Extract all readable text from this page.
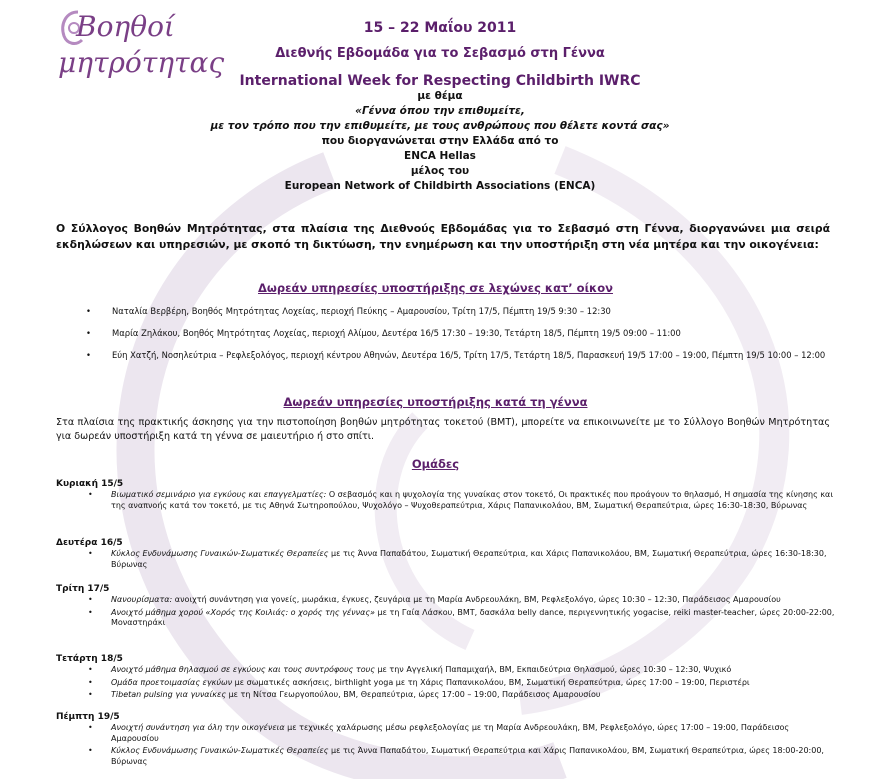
Βοηθοί
μητρότητας
15 – 22 Μαΐου 2011
Διεθνής Εβδομάδα για το Σεβασμό στη Γέννα
International Week for Respecting Childbirth IWRC
με θέμα
«Γέννα όπου την επιθυμείτε,
με τον τρόπο που την επιθυμείτε, με τους ανθρώπους που θέλετε κοντά σας»
που διοργανώνεται στην Ελλάδα από το
ENCA Hellas
μέλος του
European Network of Childbirth Associations (ENCA)
Ο Σύλλογος Βοηθών Μητρότητας, στα πλαίσια της Διεθνούς Εβδομάδας για το Σεβασμό στη Γέννα, διοργανώνει μια σειρά εκδηλώσεων και υπηρεσιών, με σκοπό τη δικτύωση, την ενημέρωση και την υποστήριξη στη νέα μητέρα και την οικογένεια:
Δωρεάν υπηρεσίες υποστήριξης σε λεχώνες κατ’ οίκον
•	Ναταλία Βερβέρη, Βοηθός Μητρότητας Λοχείας, περιοχή Πεύκης – Αμαρουσίου, Τρίτη 17/5, Πέμπτη 19/5 9:30 – 12:30
•	Μαρία Ζηλάκου, Βοηθός Μητρότητας Λοχείας, περιοχή Αλίμου, Δευτέρα 16/5 17:30 – 19:30, Τετάρτη 18/5, Πέμπτη 19/5 09:00 – 11:00
•	Εύη Χατζή, Νοσηλεύτρια – Ρεφλεξολόγος, περιοχή κέντρου Αθηνών, Δευτέρα 16/5, Τρίτη 17/5, Τετάρτη 18/5, Παρασκευή 19/5 17:00 – 19:00, Πέμπτη 19/5 10:00 – 12:00
Δωρεάν υπηρεσίες υποστήριξης κατά τη γέννα
Στα πλαίσια της πρακτικής άσκησης για την πιστοποίηση βοηθών μητρότητας τοκετού (ΒΜΤ), μπορείτε να επικοινωνείτε με το Σύλλογο Βοηθών Μητρότητας για δωρεάν υποστήριξη κατά τη γέννα σε μαιευτήριο ή στο σπίτι.
Ομάδες
Κυριακή 15/5
• Βιωματικό σεμινάριο για εγκύους και επαγγελματίες: Ο σεβασμός και η ψυχολογία της γυναίκας στον τοκετό, Οι πρακτικές που προάγουν το θηλασμό, Η σημασία της κίνησης και της αναπνοής κατά τον τοκετό, με τις Αθηνά Σωτηροπούλου, Ψυχολόγο – Ψυχοθεραπεύτρια, Χάρις Παπανικολάου, ΒΜ, Σωματική Θεραπεύτρια, ώρες 16:30-18:30, Βύρωνας
Δευτέρα 16/5
• Κύκλος Ενδυνάμωσης Γυναικών-Σωματικές Θεραπείες με τις Άννα Παπαδάτου, Σωματική Θεραπεύτρια, και Χάρις Παπανικολάου, ΒΜ, Σωματική Θεραπεύτρια, ώρες 16:30-18:30, Βύρωνας
Τρίτη 17/5
• Νανουρίσματα: ανοιχτή συνάντηση για γονείς, μωράκια, έγκυες, ζευγάρια με τη Μαρία Ανδρεουλάκη, ΒΜ, Ρεφλεξολόγο, ώρες 10:30 – 12:30, Παράδεισος Αμαρουσίου
• Ανοιχτό μάθημα χορού «Χορός της Κοιλιάς: ο χορός της γέννας» με τη Γαία Λάσκου, ΒΜΤ, δασκάλα belly dance, περιγεννητικής yogacise, reiki master-teacher, ώρες 20:00-22:00, Μοναστηράκι
Τετάρτη 18/5
• Ανοιχτό μάθημα θηλασμού σε εγκύους και τους συντρόφους τους με την Αγγελική Παπαμιχαήλ, ΒΜ, Εκπαιδεύτρια Θηλασμού, ώρες 10:30 – 12:30, Ψυχικό
• Ομάδα προετοιμασίας εγκύων με σωματικές ασκήσεις, birthlight yoga με τη Χάρις Παπανικολάου, ΒΜ, Σωματική Θεραπεύτρια, ώρες 17:00 – 19:00, Περιστέρι
• Tibetan pulsing για γυναίκες με τη Νίτσα Γεωργοπούλου, ΒΜ, Θεραπεύτρια, ώρες 17:00 – 19:00, Παράδεισος Αμαρουσίου
Πέμπτη 19/5
• Ανοιχτή συνάντηση για όλη την οικογένεια με τεχνικές χαλάρωσης μέσω ρεφλεξολογίας με τη Μαρία Ανδρεουλάκη, ΒΜ, Ρεφλεξολόγο, ώρες 17:00 – 19:00, Παράδεισος Αμαρουσίου
• Κύκλος Ενδυνάμωσης Γυναικών-Σωματικές Θεραπείες με τις Άννα Παπαδάτου, Σωματική Θεραπεύτρια και Χάρις Παπανικολάου, ΒΜ, Σωματική Θεραπεύτρια, ώρες 18:00-20:00, Βύρωνας
